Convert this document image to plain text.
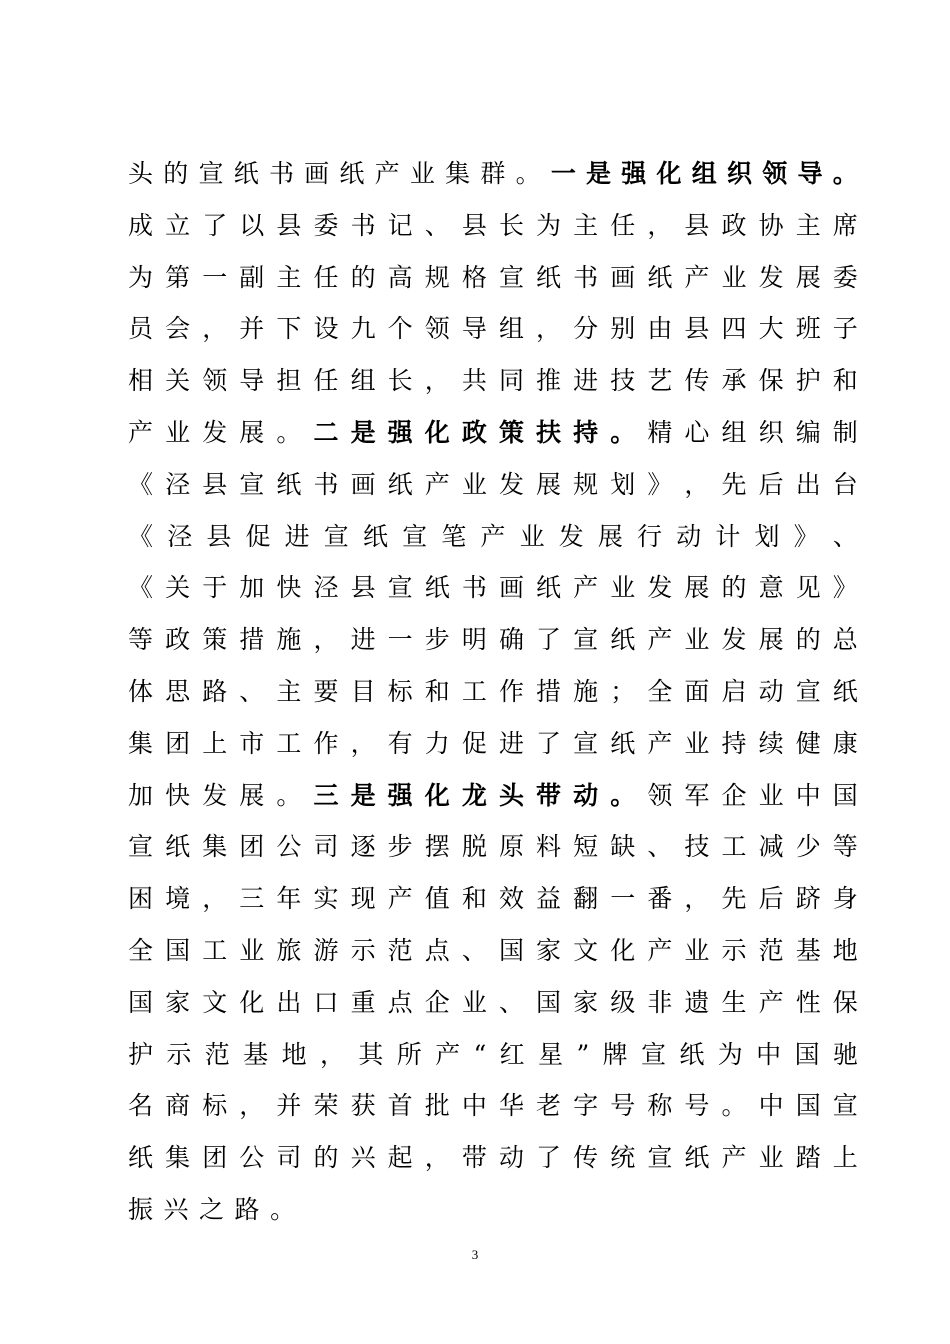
头 的 宣 纸 书 画 纸 产 业 集 群 。 一 是 强 化 组 织 领 导 。
成 立 了 以 县 委 书 记 、 县 长 为 主 任 ， 县 政 协 主 席
为 第 一 副 主 任 的 高 规 格 宣 纸 书 画 纸 产 业 发 展 委
员 会 ， 并 下 设 九 个 领 导 组 ， 分 别 由 县 四 大 班 子
相 关 领 导 担 任 组 长 ， 共 同 推 进 技 艺 传 承 保 护 和
产 业 发 展 。 二 是 强 化 政 策 扶 持 。 精 心 组 织 编 制
《 泾 县 宣 纸 书 画 纸 产 业 发 展 规 划 》 ， 先 后 出 台
《 泾 县 促 进 宣 纸 宣 笔 产 业 发 展 行 动 计 划 》 、
《 关 于 加 快 泾 县 宣 纸 书 画 纸 产 业 发 展 的 意 见 》
等 政 策 措 施 ， 进 一 步 明 确 了 宣 纸 产 业 发 展 的 总
体 思 路 、 主 要 目 标 和 工 作 措 施 ； 全 面 启 动 宣 纸
集 团 上 市 工 作 ， 有 力 促 进 了 宣 纸 产 业 持 续 健 康
加 快 发 展 。 三 是 强 化 龙 头 带 动 。 领 军 企 业 中 国
宣 纸 集 团 公 司 逐 步 摆 脱 原 料 短 缺 、 技 工 减 少 等
困 境 ， 三 年 实 现 产 值 和 效 益 翻 一 番 ， 先 后 跻 身
全 国 工 业 旅 游 示 范 点 、 国 家 文 化 产 业 示 范 基 地
国 家 文 化 出 口 重 点 企 业 、 国 家 级 非 遗 生 产 性 保
护 示 范 基 地 ， 其 所 产 “ 红 星 ” 牌 宣 纸 为 中 国 驰
名 商 标 ， 并 荣 获 首 批 中 华 老 字 号 称 号 。 中 国 宣
纸 集 团 公 司 的 兴 起 ， 带 动 了 传 统 宣 纸 产 业 踏 上
振 兴 之 路 。
3
